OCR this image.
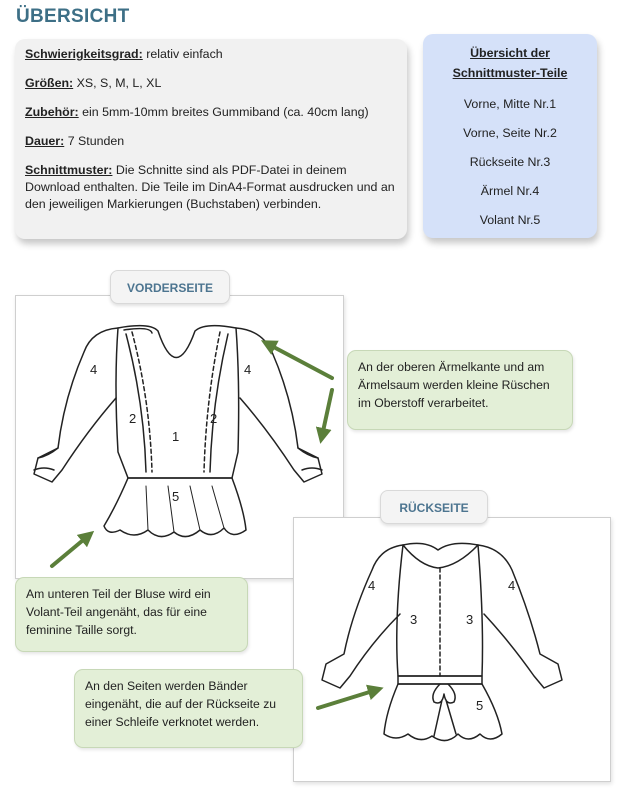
ÜBERSICHT

Schwierigkeitsgrad: relativ einfach

Größen: XS, S, M, L, XL

Zubehör: ein 5mm-10mm breites Gummiband (ca. 40cm lang)

Dauer: 7 Stunden

Schnittmuster: Die Schnitte sind als PDF-Datei in deinem Download enthalten. Die Teile im DinA4-Format ausdrucken und an den jeweiligen Markierungen (Buchstaben) verbinden.

Übersicht der
Schnittmuster-Teile
Vorne, Mitte Nr.1
Vorne, Seite Nr.2
Rückseite Nr.3
Ärmel Nr.4
Volant Nr.5
VORDERSEITE
RÜCKSEITE
4	4
2	2
1
5
4	4
3	3
5
An der oberen Ärmelkante und am Ärmelsaum werden kleine Rüschen im Oberstoff verarbeitet.
Am unteren Teil der Bluse wird ein Volant-Teil angenäht, das für eine feminine Taille sorgt.
An den Seiten werden Bänder eingenäht, die auf der Rückseite zu einer Schleife verknotet werden.
